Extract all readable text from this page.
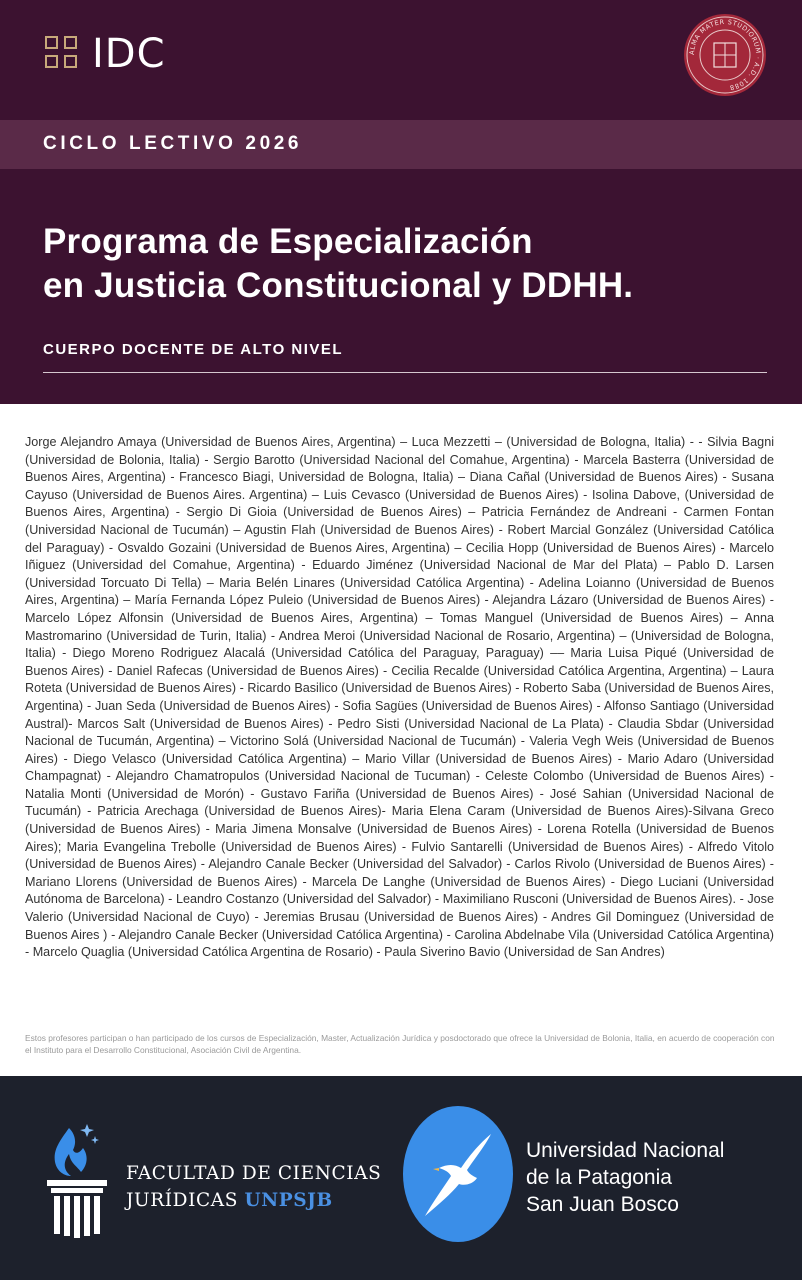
IDC	ALMA MATER STUDIORUM · A.D. 1088
CICLO LECTIVO 2026
Programa de Especialización
en Justicia Constitucional y DDHH.
CUERPO DOCENTE DE ALTO NIVEL

Jorge Alejandro Amaya (Universidad de Buenos Aires, Argentina) – Luca Mezzetti – (Universidad de Bologna, Italia) - - Silvia Bagni (Universidad de Bolonia, Italia) - Sergio Barotto (Universidad Nacional del Comahue, Argentina) - Marcela Basterra (Universidad de Buenos Aires, Argentina) - Francesco Biagi, Universidad de Bologna, Italia) – Diana Cañal (Universidad de Buenos Aires) - Susana Cayuso (Universidad de Buenos Aires. Argentina) – Luis Cevasco (Universidad de Buenos Aires) - Isolina Dabove, (Universidad de Buenos Aires, Argentina) - Sergio Di Gioia (Universidad de Buenos Aires) – Patricia Fernández de Andreani - Carmen Fontan (Universidad Nacional de Tucumán) – Agustin Flah (Universidad de Buenos Aires) - Robert Marcial González (Universidad Católica del Paraguay) - Osvaldo Gozaini (Universidad de Buenos Aires, Argentina) – Cecilia Hopp (Universidad de Buenos Aires) - Marcelo Iñiguez (Universidad del Comahue, Argentina) - Eduardo Jiménez (Universidad Nacional de Mar del Plata) – Pablo D. Larsen (Universidad Torcuato Di Tella) – Maria Belén Linares (Universidad Católica Argentina) - Adelina Loianno (Universidad de Buenos Aires, Argentina) – María Fernanda López Puleio (Universidad de Buenos Aires) - Alejandra Lázaro (Universidad de Buenos Aires) - Marcelo López Alfonsin (Universidad de Buenos Aires, Argentina) – Tomas Manguel (Universidad de Buenos Aires) – Anna Mastromarino (Universidad de Turin, Italia) - Andrea Meroi (Universidad Nacional de Rosario, Argentina) – (Universidad de Bologna, Italia) - Diego Moreno Rodriguez Alacalá (Universidad Católica del Paraguay, Paraguay) –– Maria Luisa Piqué (Universidad de Buenos Aires) - Daniel Rafecas (Universidad de Buenos Aires) - Cecilia Recalde (Universidad Católica Argentina, Argentina) – Laura Roteta (Universidad de Buenos Aires) - Ricardo Basilico (Universidad de Buenos Aires) - Roberto Saba (Universidad de Buenos Aires, Argentina) - Juan Seda (Universidad de Buenos Aires) - Sofia Sagües (Universidad de Buenos Aires) - Alfonso Santiago (Universidad Austral)- Marcos Salt (Universidad de Buenos Aires) - Pedro Sisti (Universidad Nacional de La Plata) - Claudia Sbdar (Universidad Nacional de Tucumán, Argentina) – Victorino Solá (Universidad Nacional de Tucumán) - Valeria Vegh Weis (Universidad de Buenos Aires) - Diego Velasco (Universidad Católica Argentina) – Mario Villar (Universidad de Buenos Aires) - Mario Adaro (Universidad Champagnat) - Alejandro Chamatropulos (Universidad Nacional de Tucuman) - Celeste Colombo (Universidad de Buenos Aires) - Natalia Monti (Universidad de Morón) - Gustavo Fariña (Universidad de Buenos Aires) - José Sahian (Universidad Nacional de Tucumán) - Patricia Arechaga (Universidad de Buenos Aires)- Maria Elena Caram (Universidad de Buenos Aires)-Silvana Greco (Universidad de Buenos Aires) - Maria Jimena Monsalve (Universidad de Buenos Aires) - Lorena Rotella (Universidad de Buenos Aires); Maria Evangelina Trebolle (Universidad de Buenos Aires) - Fulvio Santarelli (Universidad de Buenos Aires) - Alfredo Vitolo (Universidad de Buenos Aires) - Alejandro Canale Becker (Universidad del Salvador) - Carlos Rivolo (Universidad de Buenos Aires) - Mariano Llorens (Universidad de Buenos Aires) - Marcela De Langhe (Universidad de Buenos Aires) - Diego Luciani (Universidad Autónoma de Barcelona) - Leandro Costanzo (Universidad del Salvador) - Maximiliano Rusconi (Universidad de Buenos Aires). - Jose Valerio (Universidad Nacional de Cuyo) - Jeremias Brusau (Universidad de Buenos Aires) - Andres Gil Dominguez (Universidad de Buenos Aires ) - Alejandro Canale Becker (Universidad Católica Argentina) - Carolina Abdelnabe Vila (Universidad Católica Argentina) - Marcelo Quaglia (Universidad Católica Argentina de Rosario) - Paula Siverino Bavio (Universidad de San Andres)

Estos profesores participan o han participado de los cursos de Especialización, Master, Actualización Jurídica y posdoctorado que ofrece la Universidad de Bolonia, Italia, en acuerdo de cooperación con el Instituto para el Desarrollo Constitucional, Asociación Civil de Argentina.

FACULTAD DE CIENCIAS
JURÍDICAS UNPSJB
Universidad Nacional
de la Patagonia
San Juan Bosco
